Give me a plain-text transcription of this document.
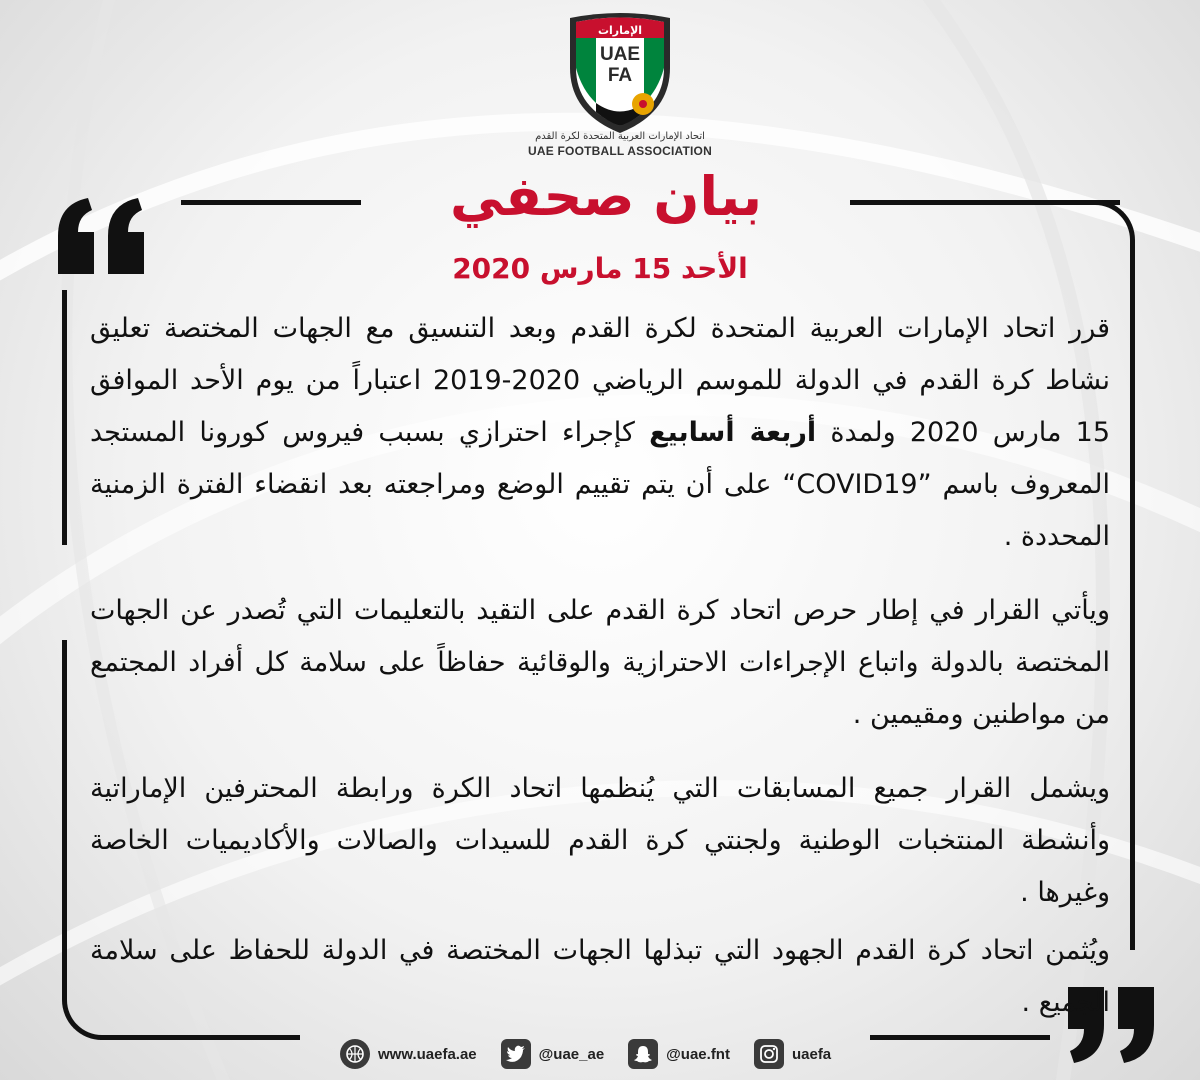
الإمارات
UAE
FA
اتحاد الإمارات العربية المتحدة لكرة القدم
UAE FOOTBALL ASSOCIATION
بيان صحفي
الأحد 15 مارس 2020

قرر اتحاد الإمارات العربية المتحدة لكرة القدم وبعد التنسيق مع الجهات المختصة تعليق نشاط كرة القدم في الدولة للموسم الرياضي 2020-2019 اعتباراً من يوم الأحد الموافق 15 مارس 2020 ولمدة أربعة أسابيع كإجراء احترازي بسبب فيروس كورونا المستجد المعروف باسم ”COVID19“ على أن يتم تقييم الوضع ومراجعته بعد انقضاء الفترة الزمنية المحددة .

ويأتي القرار في إطار حرص اتحاد كرة القدم على التقيد بالتعليمات التي تُصدر عن الجهات المختصة بالدولة واتباع الإجراءات الاحترازية والوقائية حفاظاً على سلامة كل أفراد المجتمع من مواطنين ومقيمين .

ويشمل القرار جميع المسابقات التي يُنظمها اتحاد الكرة ورابطة المحترفين الإماراتية وأنشطة المنتخبات الوطنية ولجنتي كرة القدم للسيدات والصالات والأكاديميات الخاصة وغيرها .

ويُثمن اتحاد كرة القدم الجهود التي تبذلها الجهات المختصة في الدولة للحفاظ على سلامة الجميع .

www.uaefa.ae	@uae_ae	@uae.fnt	uaefa
